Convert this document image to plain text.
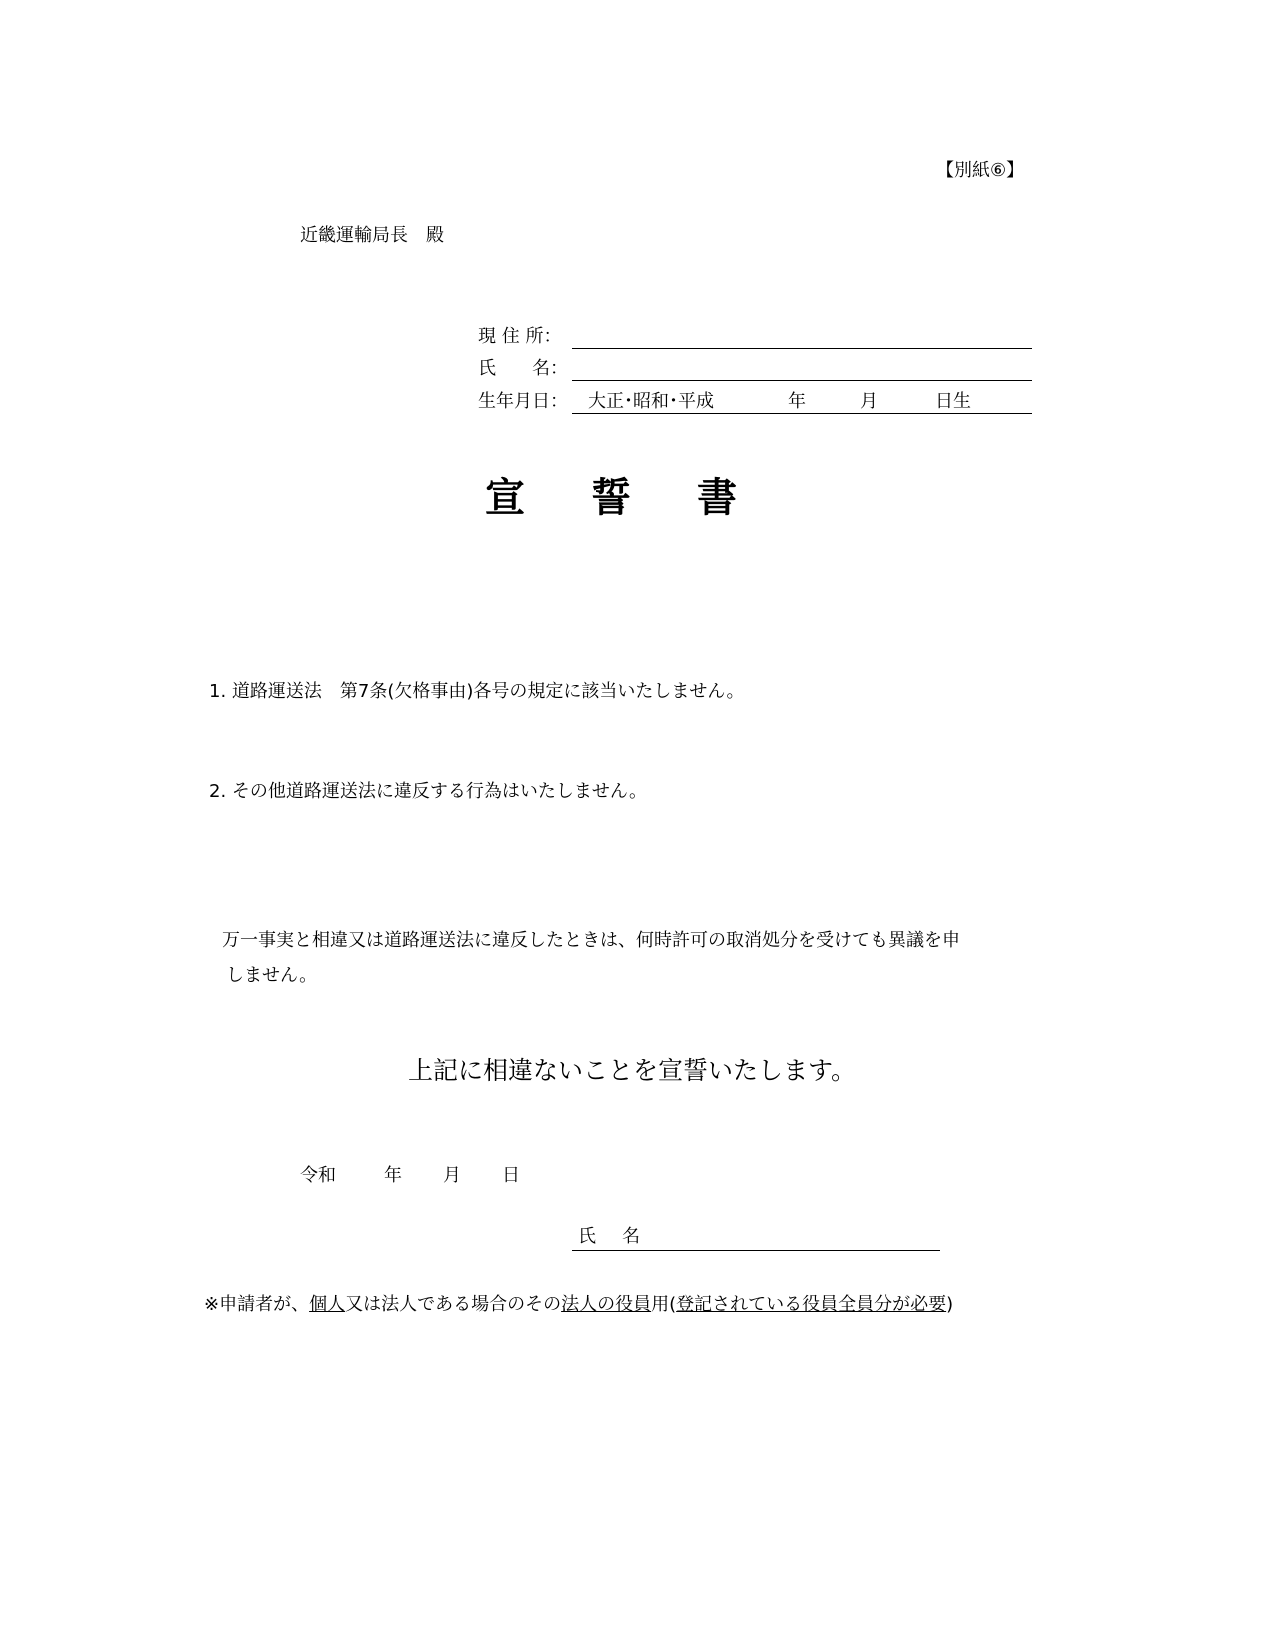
【別紙⑥】
近畿運輸局長　殿
現 住 所：
氏　　名：
生年月日： 大正･昭和･平成	年	月	日生
宣 誓 書
1. 道路運送法　第7条(欠格事由)各号の規定に該当いたしません。
2. その他道路運送法に違反する行為はいたしません。
万一事実と相違又は道路運送法に違反したときは、何時許可の取消処分を受けても異議を申
しません。
上記に相違ないことを宣誓いたします。
令和	年 月 日
氏 名
※申請者が、個人又は法人である場合のその法人の役員用(登記されている役員全員分が必要)
